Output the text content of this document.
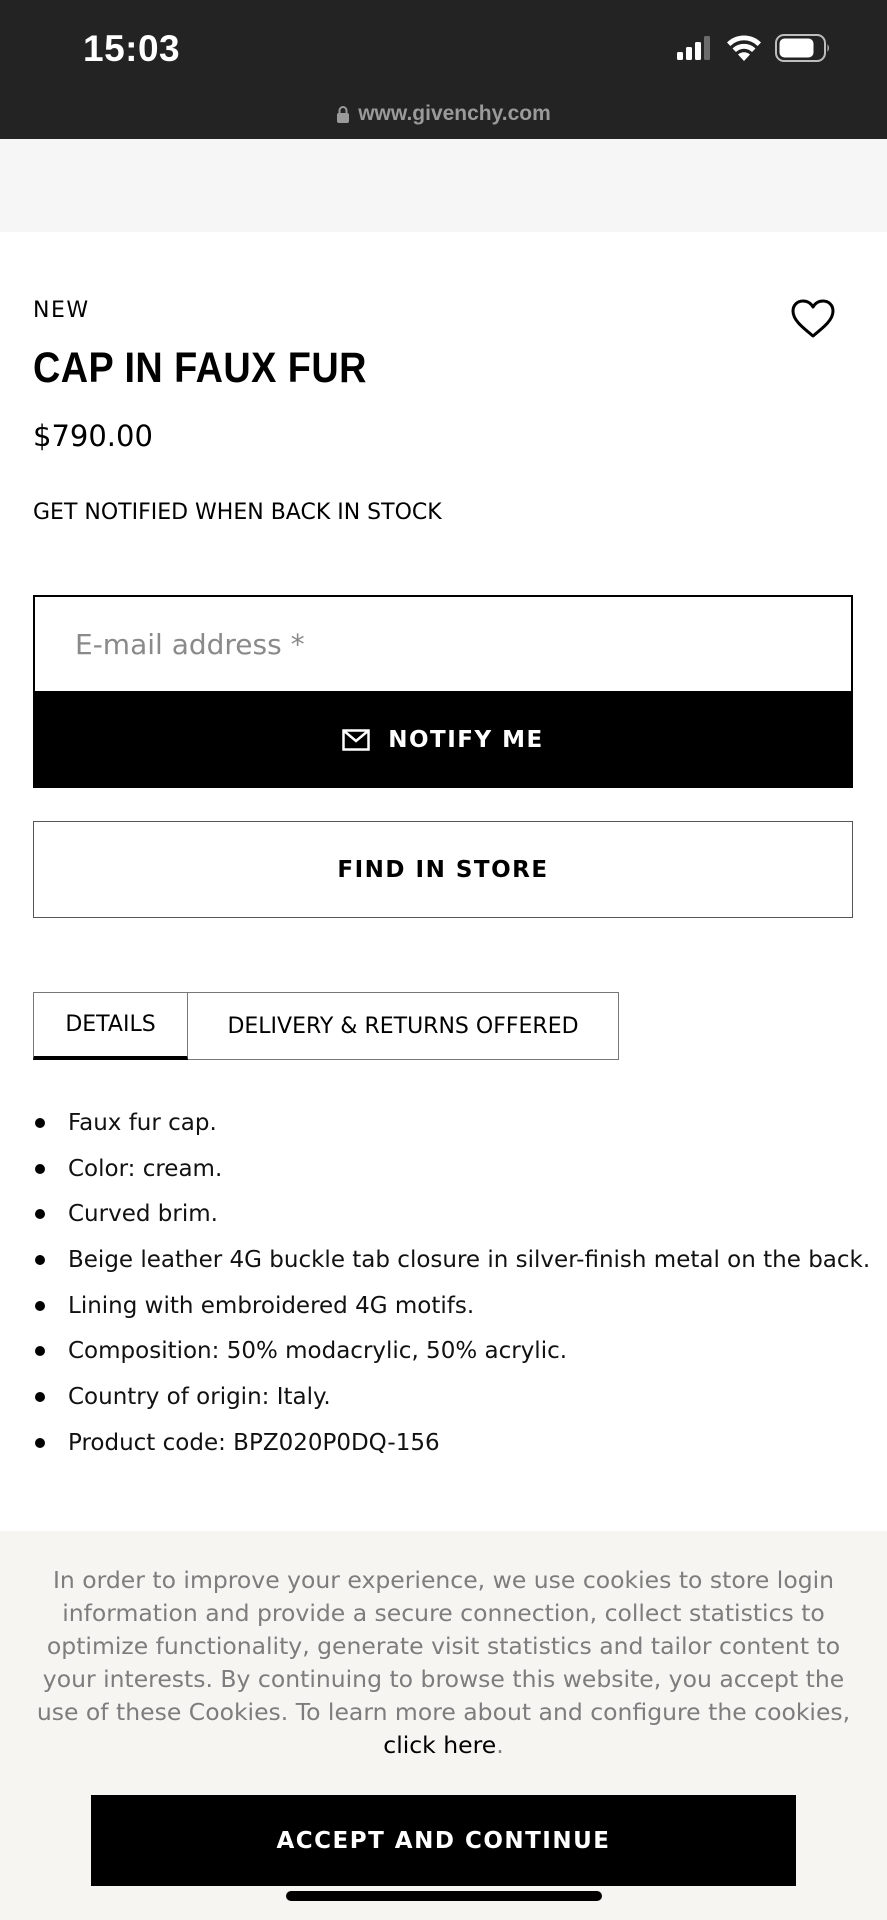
15:03
www.givenchy.com
NEW
CAP IN FAUX FUR
$790.00
GET NOTIFIED WHEN BACK IN STOCK
E-mail address *
NOTIFY ME
FIND IN STORE
DETAILS	DELIVERY & RETURNS OFFERED
Faux fur cap.
Color: cream.
Curved brim.
Beige leather 4G buckle tab closure in silver-finish metal on the back.
Lining with embroidered 4G motifs.
Composition: 50% modacrylic, 50% acrylic.
Country of origin: Italy.
Product code: BPZ020P0DQ-156

In order to improve your experience, we use cookies to store login information and provide a secure connection, collect statistics to optimize functionality, generate visit statistics and tailor content to your interests. By continuing to browse this website, you accept the use of these Cookies. To learn more about and configure the cookies, click here.

ACCEPT AND CONTINUE
